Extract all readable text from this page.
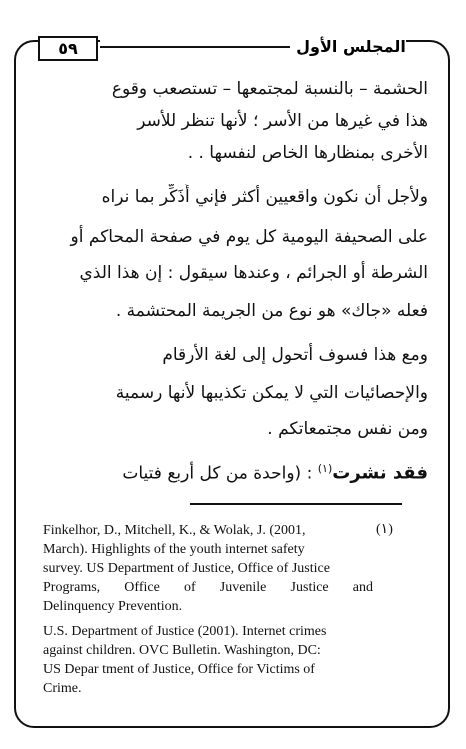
٥٩	المجلس الأول
الحشمة – بالنسبة لمجتمعها – تستصعب وقوع
هذا في غيرها من الأسر ؛ لأنها تنظر للأسر
الأخرى بمنظارها الخاص لنفسها . .
ولأجل أن نكون واقعيين أكثر فإني أُذَكِّر بما نراه
على الصحيفة اليومية كل يوم في صفحة المحاكم أو
الشرطة أو الجرائم ، وعندها سيقول : إن هذا الذي
فعله «جاك» هو نوع من الجريمة المحتشمة .
ومع هذا فسوف أتحول إلى لغة الأرقام
والإحصائيات التي لا يمكن تكذيبها لأنها رسمية
ومن نفس مجتمعاتكم .
فقد نشرت$^{(١)}$ : (واحدة من كل أربع فتيات
(١)
Finkelhor, D., Mitchell, K., & Wolak, J. (2001,
March). Highlights of the youth internet safety
survey. US Department of Justice, Office of Justice
Programs, Office of Juvenile Justice and
Delinquency Prevention.
U.S. Department of Justice (2001). Internet crimes
against children. OVC Bulletin. Washington, DC:
US Depar tment of Justice, Office for Victims of
Crime.
